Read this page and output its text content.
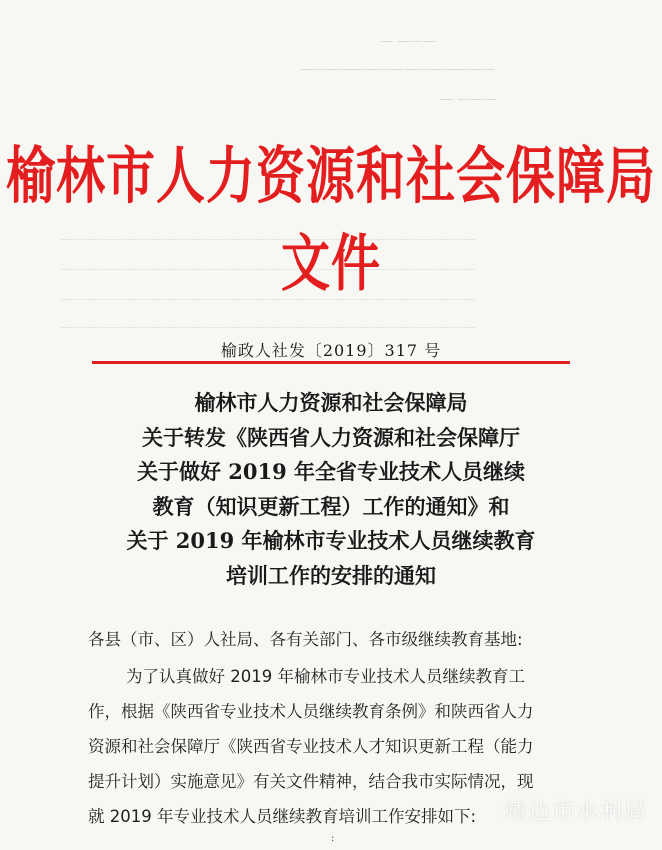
— ———
———————————————
— ———
————————————————————————————————
————————————————————————————————
————————————————————————————————
————————————————————————————————
榆林市人力资源和社会保障局文件
榆政人社发〔2019〕317 号
榆林市人力资源和社会保障局
关于转发《陕西省人力资源和社会保障厅
关于做好 2019 年全省专业技术人员继续
教育（知识更新工程）工作的通知》和
关于 2019 年榆林市专业技术人员继续教育
培训工作的安排的通知
各县（市、区）人社局、各有关部门、各市级继续教育基地:
为了认真做好 2019 年榆林市专业技术人员继续教育工
作，根据《陕西省专业技术人员继续教育条例》和陕西省人力
资源和社会保障厅《陕西省专业技术人才知识更新工程（能力
提升计划）实施意见》有关文件精神，结合我市实际情况，现
就 2019 年专业技术人员继续教育培训工作安排如下:
:
靖边市水利局
